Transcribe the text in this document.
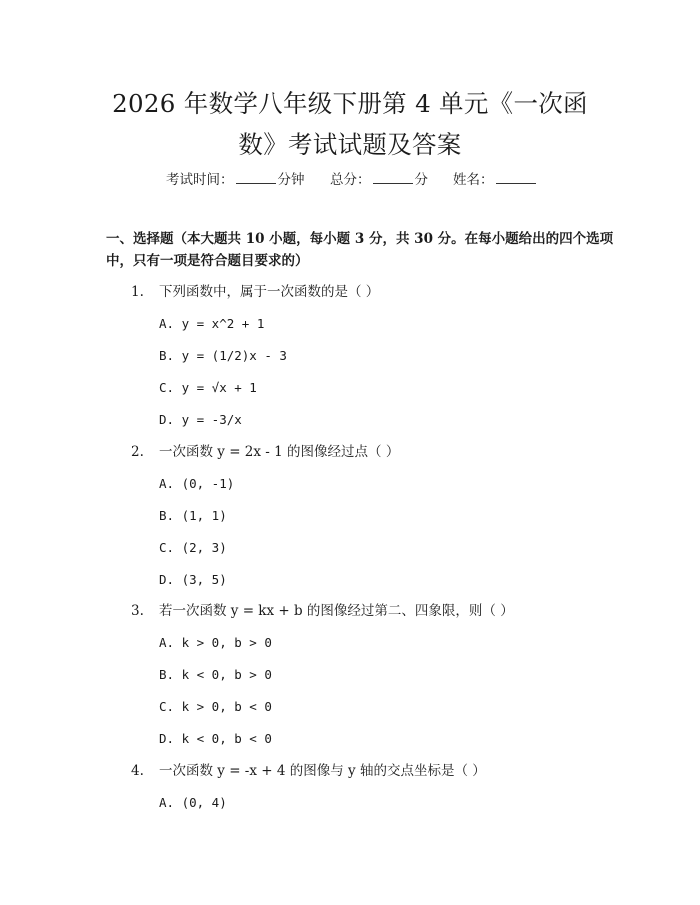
2026 年数学八年级下册第 4 单元《一次函
数》考试试题及答案
考试时间：	分钟 总分：	分 姓名：
一、选择题（本大题共 10 小题，每小题 3 分，共 30 分。在每小题给出的四个选项中，只有一项是符合题目要求的）
1. 下列函数中，属于一次函数的是（ ）
A. y = x^2 + 1
B. y = (1/2)x - 3
C. y = √x + 1
D. y = -3/x
2. 一次函数 y = 2x - 1 的图像经过点（ ）
A. (0, -1)
B. (1, 1)
C. (2, 3)
D. (3, 5)
3. 若一次函数 y = kx + b 的图像经过第二、四象限，则（ ）
A. k > 0, b > 0
B. k < 0, b > 0
C. k > 0, b < 0
D. k < 0, b < 0
4. 一次函数 y = -x + 4 的图像与 y 轴的交点坐标是（ ）
A. (0, 4)
